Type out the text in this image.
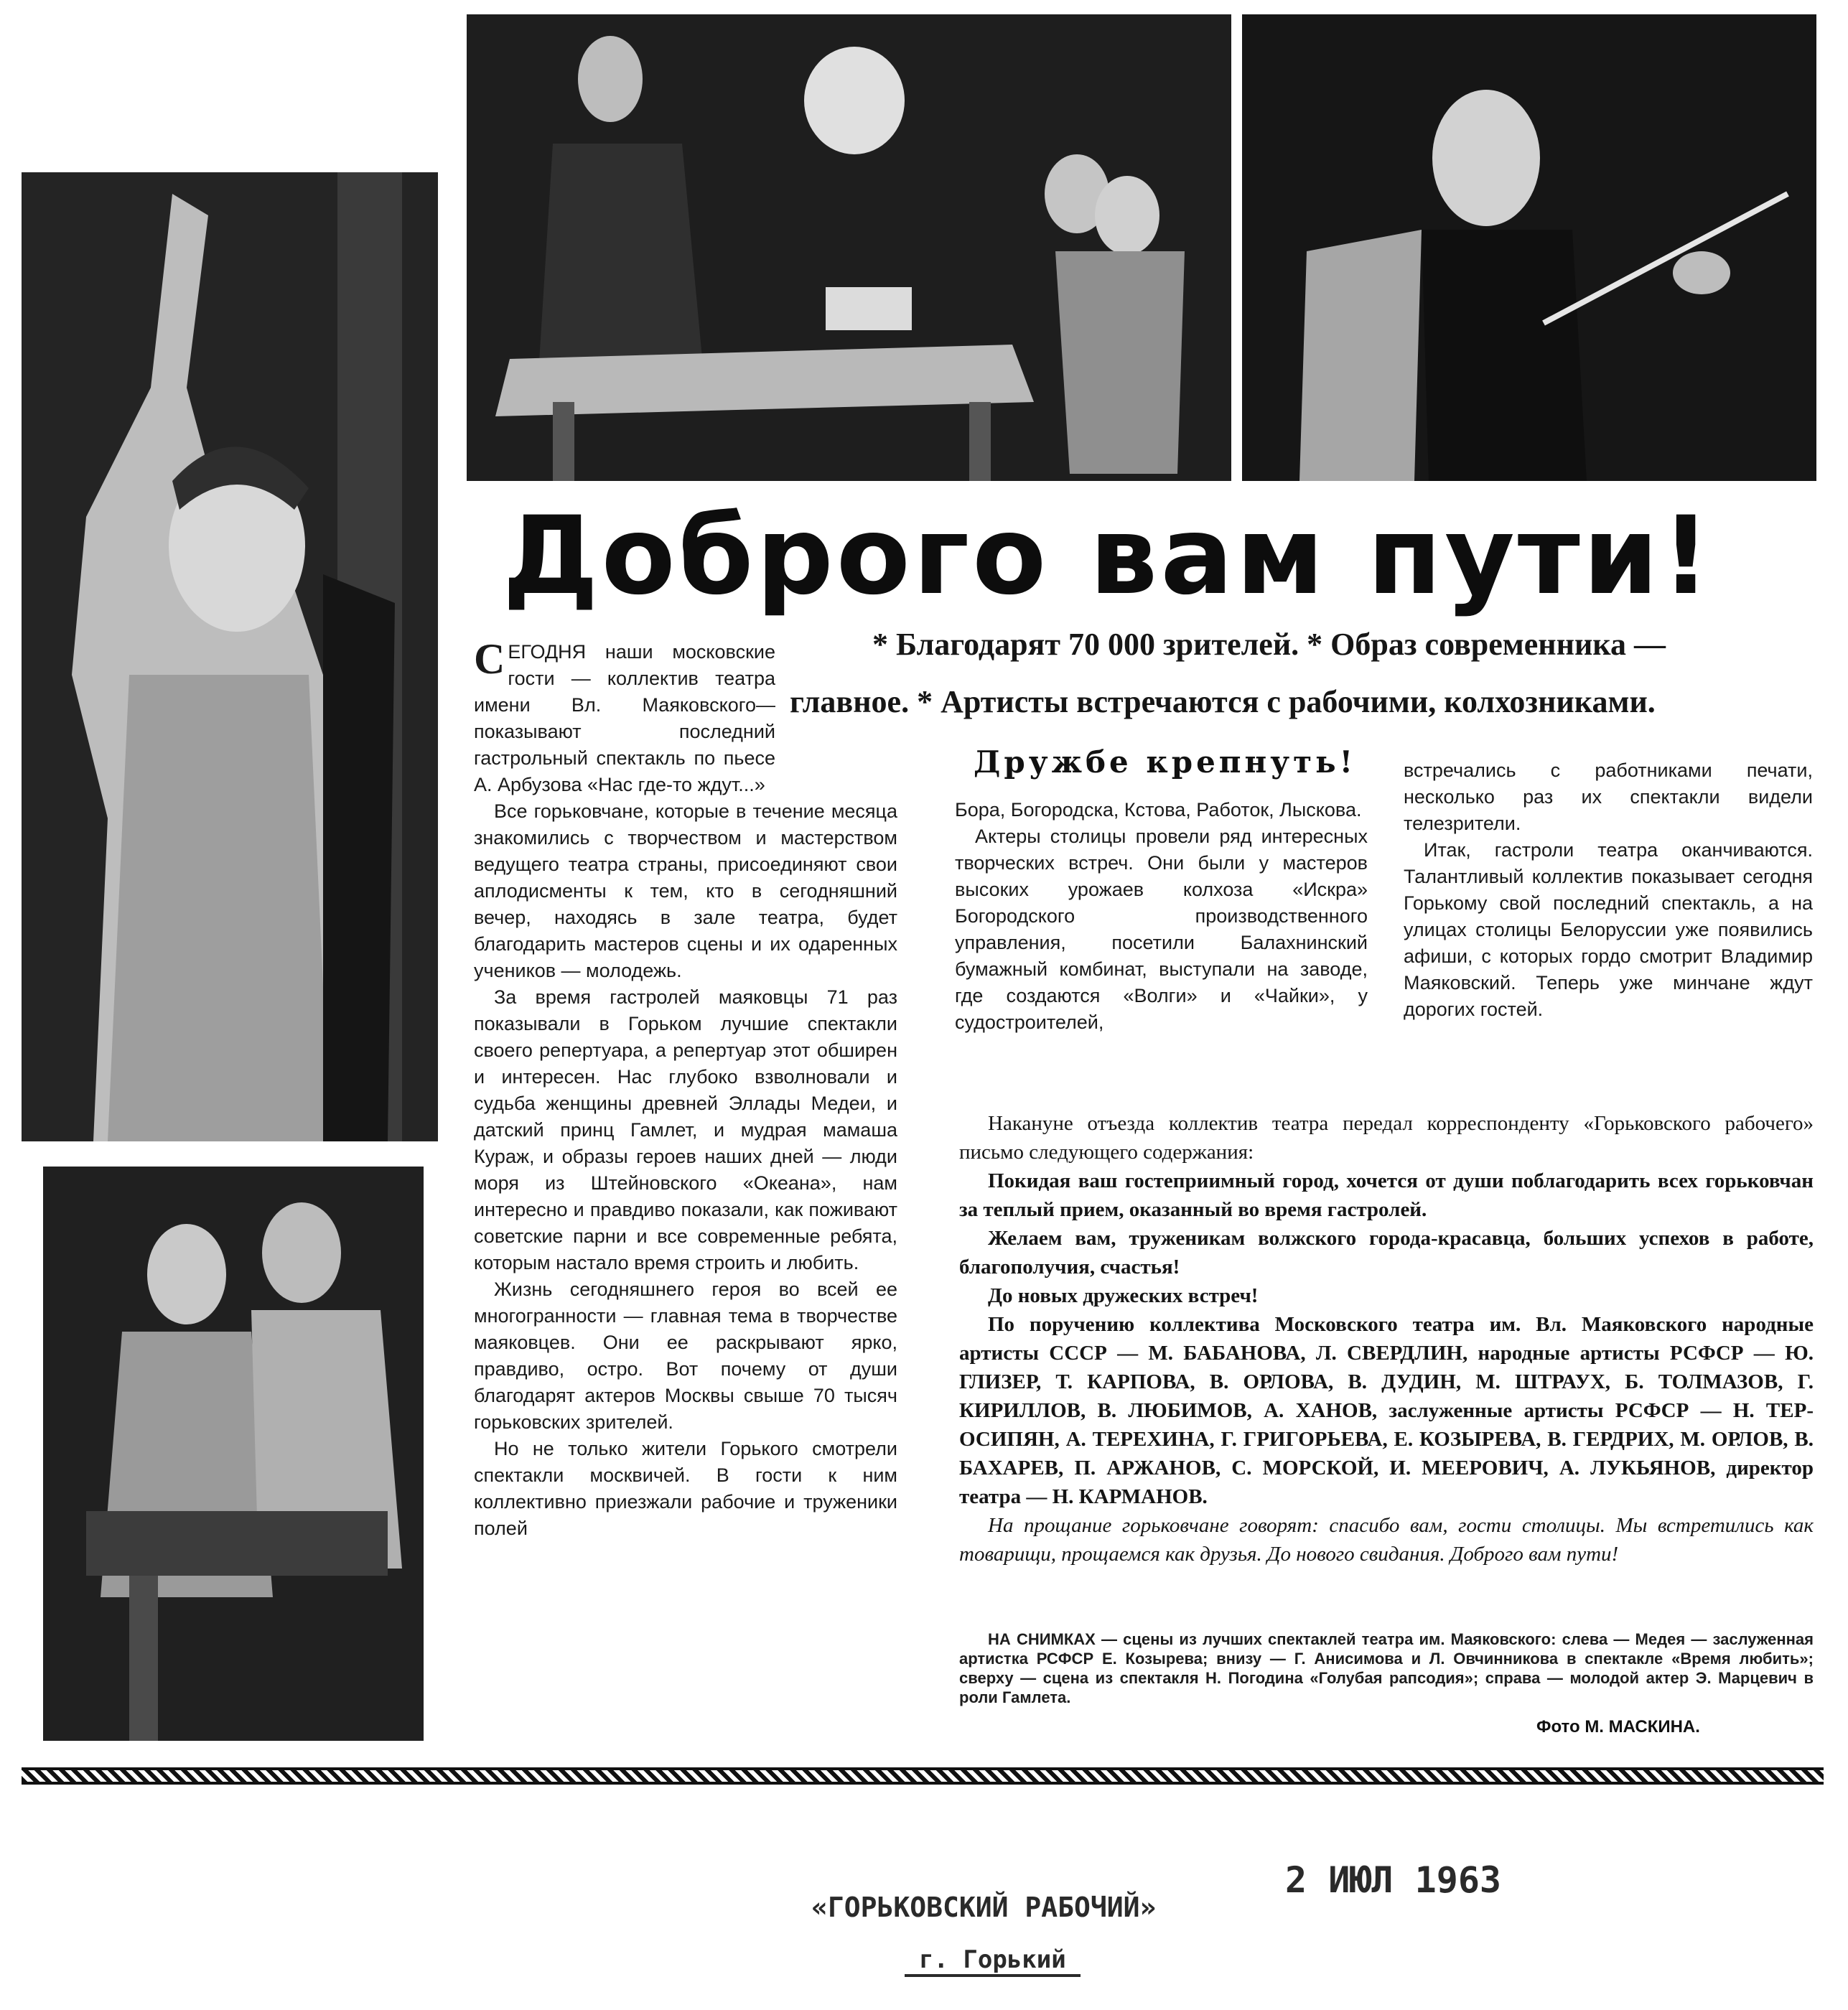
Доброго вам пути!
* Благодарят 70 000 зрителей. * Образ современника —
главное. * Артисты встречаются с рабочими, колхозниками.

СЕГОДНЯ наши московские гости — коллектив театра имени Вл. Маяковского—показывают последний гастрольный спектакль по пьесе А. Арбузова «Нас где-то ждут...»

Все горьковчане, которые в течение месяца знакомились с творчеством и мастерством ведущего театра страны, присоединяют свои аплодисменты к тем, кто в сегодняшний вечер, находясь в зале театра, будет благодарить мастеров сцены и их одаренных учеников — молодежь.

За время гастролей маяковцы 71 раз показывали в Горьком лучшие спектакли своего репертуара, а репертуар этот обширен и интересен. Нас глубоко взволновали и судьба женщины древней Эллады Медеи, и датский принц Гамлет, и мудрая мамаша Кураж, и образы героев наших дней — люди моря из Штейновского «Океана», нам интересно и правдиво показали, как поживают советские парни и все современные ребята, которым настало время строить и любить.

Жизнь сегодняшнего героя во всей ее многогранности — главная тема в творчестве маяковцев. Они ее раскрывают ярко, правдиво, остро. Вот почему от души благодарят актеров Москвы свыше 70 тысяч горьковских зрителей.

Но не только жители Горького смотрели спектакли москвичей. В гости к ним коллективно приезжали рабочие и труженики полей

Дружбе крепнуть!

Бора, Богородска, Кстова, Работок, Лыскова.

Актеры столицы провели ряд интересных творческих встреч. Они были у мастеров высоких урожаев колхоза «Искра» Богородского производственного управления, посетили Балахнинский бумажный комбинат, выступали на заводе, где создаются «Волги» и «Чайки», у судостроителей,

встречались с работниками печати, несколько раз их спектакли видели телезрители.

Итак, гастроли театра оканчиваются. Талантливый коллектив показывает сегодня Горькому свой последний спектакль, а на улицах столицы Белоруссии уже появились афиши, с которых гордо смотрит Владимир Маяковский. Теперь уже минчане ждут дорогих гостей.

Накануне отъезда коллектив театра передал корреспонденту «Горьковского рабочего» письмо следующего содержания:

Покидая ваш гостеприимный город, хочется от души поблагодарить всех горьковчан за теплый прием, оказанный во время гастролей.

Желаем вам, труженикам волжского города-красавца, больших успехов в работе, благополучия, счастья!

До новых дружеских встреч!

По поручению коллектива Московского театра им. Вл. Маяковского народные артисты СССР — М. БАБАНОВА, Л. СВЕРДЛИН, народные артисты РСФСР — Ю. ГЛИЗЕР, Т. КАРПОВА, В. ОРЛОВА, В. ДУДИН, М. ШТРАУХ, Б. ТОЛМАЗОВ, Г. КИРИЛЛОВ, В. ЛЮБИМОВ, А. ХАНОВ, заслуженные артисты РСФСР — Н. ТЕР-ОСИПЯН, А. ТЕРЕХИНА, Г. ГРИГОРЬЕВА, Е. КОЗЫРЕВА, В. ГЕРДРИХ, М. ОРЛОВ, В. БАХАРЕВ, П. АРЖАНОВ, С. МОРСКОЙ, И. МЕЕРОВИЧ, А. ЛУКЬЯНОВ, директор театра — Н. КАРМАНОВ.

На прощание горьковчане говорят: спасибо вам, гости столицы. Мы встретились как товарищи, прощаемся как друзья. До нового свидания. Доброго вам пути!

НА СНИМКАХ — сцены из лучших спектаклей театра им. Маяковского: слева — Медея — заслуженная артистка РСФСР Е. Козырева; внизу — Г. Анисимова и Л. Овчинникова в спектакле «Время любить»; сверху — сцена из спектакля Н. Погодина «Голубая рапсодия»; справа — молодой актер Э. Марцевич в роли Гамлета.

Фото М. МАСКИНА.
2 ИЮЛ 1963
«ГОРЬКОВСКИЙ РАБОЧИЙ»
г. Горький
